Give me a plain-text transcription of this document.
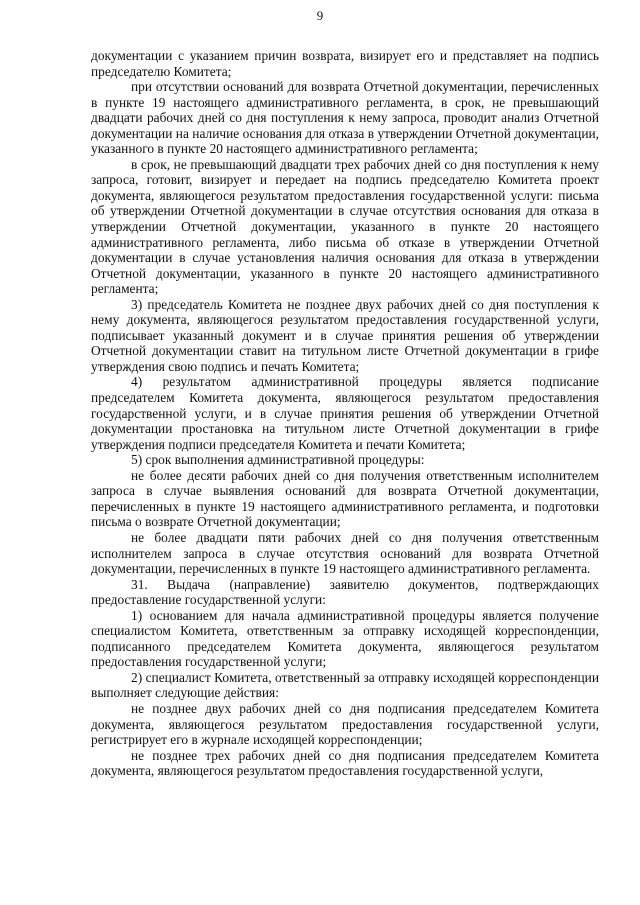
9

документации с указанием причин возврата, визирует его и представляет на подпись председателю Комитета;

при отсутствии оснований для возврата Отчетной документации, перечисленных в пункте 19 настоящего административного регламента, в срок, не превышающий двадцати рабочих дней со дня поступления к нему запроса, проводит анализ Отчетной документации на наличие основания для отказа в утверждении Отчетной документации, указанного в пункте 20 настоящего административного регламента;

в срок, не превышающий двадцати трех рабочих дней со дня поступления к нему запроса, готовит, визирует и передает на подпись председателю Комитета проект документа, являющегося результатом предоставления государственной услуги: письма об утверждении Отчетной документации в случае отсутствия основания для отказа в утверждении Отчетной документации, указанного в пункте 20 настоящего административного регламента, либо письма об отказе в утверждении Отчетной документации в случае установления наличия основания для отказа в утверждении Отчетной документации, указанного в пункте 20 настоящего административного регламента;

3) председатель Комитета не позднее двух рабочих дней со дня поступления к нему документа, являющегося результатом предоставления государственной услуги, подписывает указанный документ и в случае принятия решения об утверждении Отчетной документации ставит на титульном листе Отчетной документации в грифе утверждения свою подпись и печать Комитета;

4) результатом административной процедуры является подписание председателем Комитета документа, являющегося результатом предоставления государственной услуги, и в случае принятия решения об утверждении Отчетной документации простановка на титульном листе Отчетной документации в грифе утверждения подписи председателя Комитета и печати Комитета;

5) срок выполнения административной процедуры:

не более десяти рабочих дней со дня получения ответственным исполнителем запроса в случае выявления оснований для возврата Отчетной документации, перечисленных в пункте 19 настоящего административного регламента, и подготовки письма о возврате Отчетной документации;

не более двадцати пяти рабочих дней со дня получения ответственным исполнителем запроса в случае отсутствия оснований для возврата Отчетной документации, перечисленных в пункте 19 настоящего административного регламента.

31. Выдача (направление) заявителю документов, подтверждающих предоставление государственной услуги:

1) основанием для начала административной процедуры является получение специалистом Комитета, ответственным за отправку исходящей корреспонденции, подписанного председателем Комитета документа, являющегося результатом предоставления государственной услуги;

2) специалист Комитета, ответственный за отправку исходящей корреспонденции выполняет следующие действия:

не позднее двух рабочих дней со дня подписания председателем Комитета документа, являющегося результатом предоставления государственной услуги, регистрирует его в журнале исходящей корреспонденции;

не позднее трех рабочих дней со дня подписания председателем Комитета документа, являющегося результатом предоставления государственной услуги,
